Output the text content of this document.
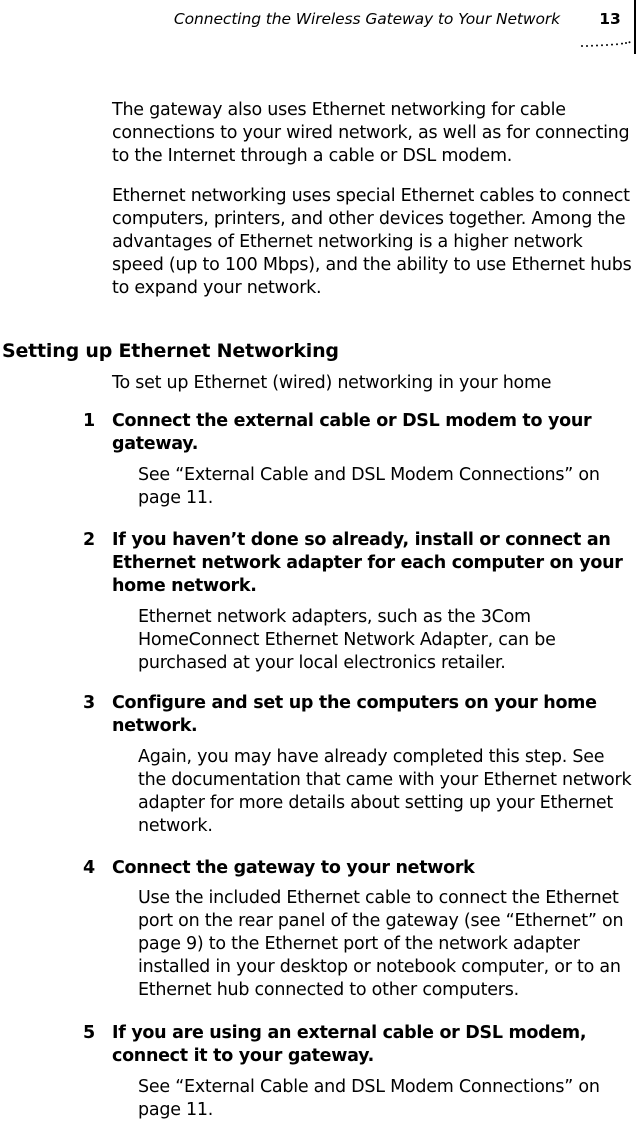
Connecting the Wireless Gateway to Your Network	13
The gateway also uses Ethernet networking for cable connections to your wired network, as well as for connecting to the Internet through a cable or DSL modem.
Ethernet networking uses special Ethernet cables to connect computers, printers, and other devices together. Among the advantages of Ethernet networking is a higher network speed (up to 100 Mbps), and the ability to use Ethernet hubs to expand your network.
Setting up Ethernet Networking
To set up Ethernet (wired) networking in your home
1 Connect the external cable or DSL modem to your gateway.
See “External Cable and DSL Modem Connections” on page 11.
2 If you haven’t done so already, install or connect an Ethernet network adapter for each computer on your home network.
Ethernet network adapters, such as the 3Com HomeConnect Ethernet Network Adapter, can be purchased at your local electronics retailer.
3 Configure and set up the computers on your home network.
Again, you may have already completed this step. See the documentation that came with your Ethernet network adapter for more details about setting up your Ethernet network.
4 Connect the gateway to your network
Use the included Ethernet cable to connect the Ethernet port on the rear panel of the gateway (see “Ethernet” on page 9) to the Ethernet port of the network adapter installed in your desktop or notebook computer, or to an Ethernet hub connected to other computers.
5 If you are using an external cable or DSL modem, connect it to your gateway.
See “External Cable and DSL Modem Connections” on page 11.
